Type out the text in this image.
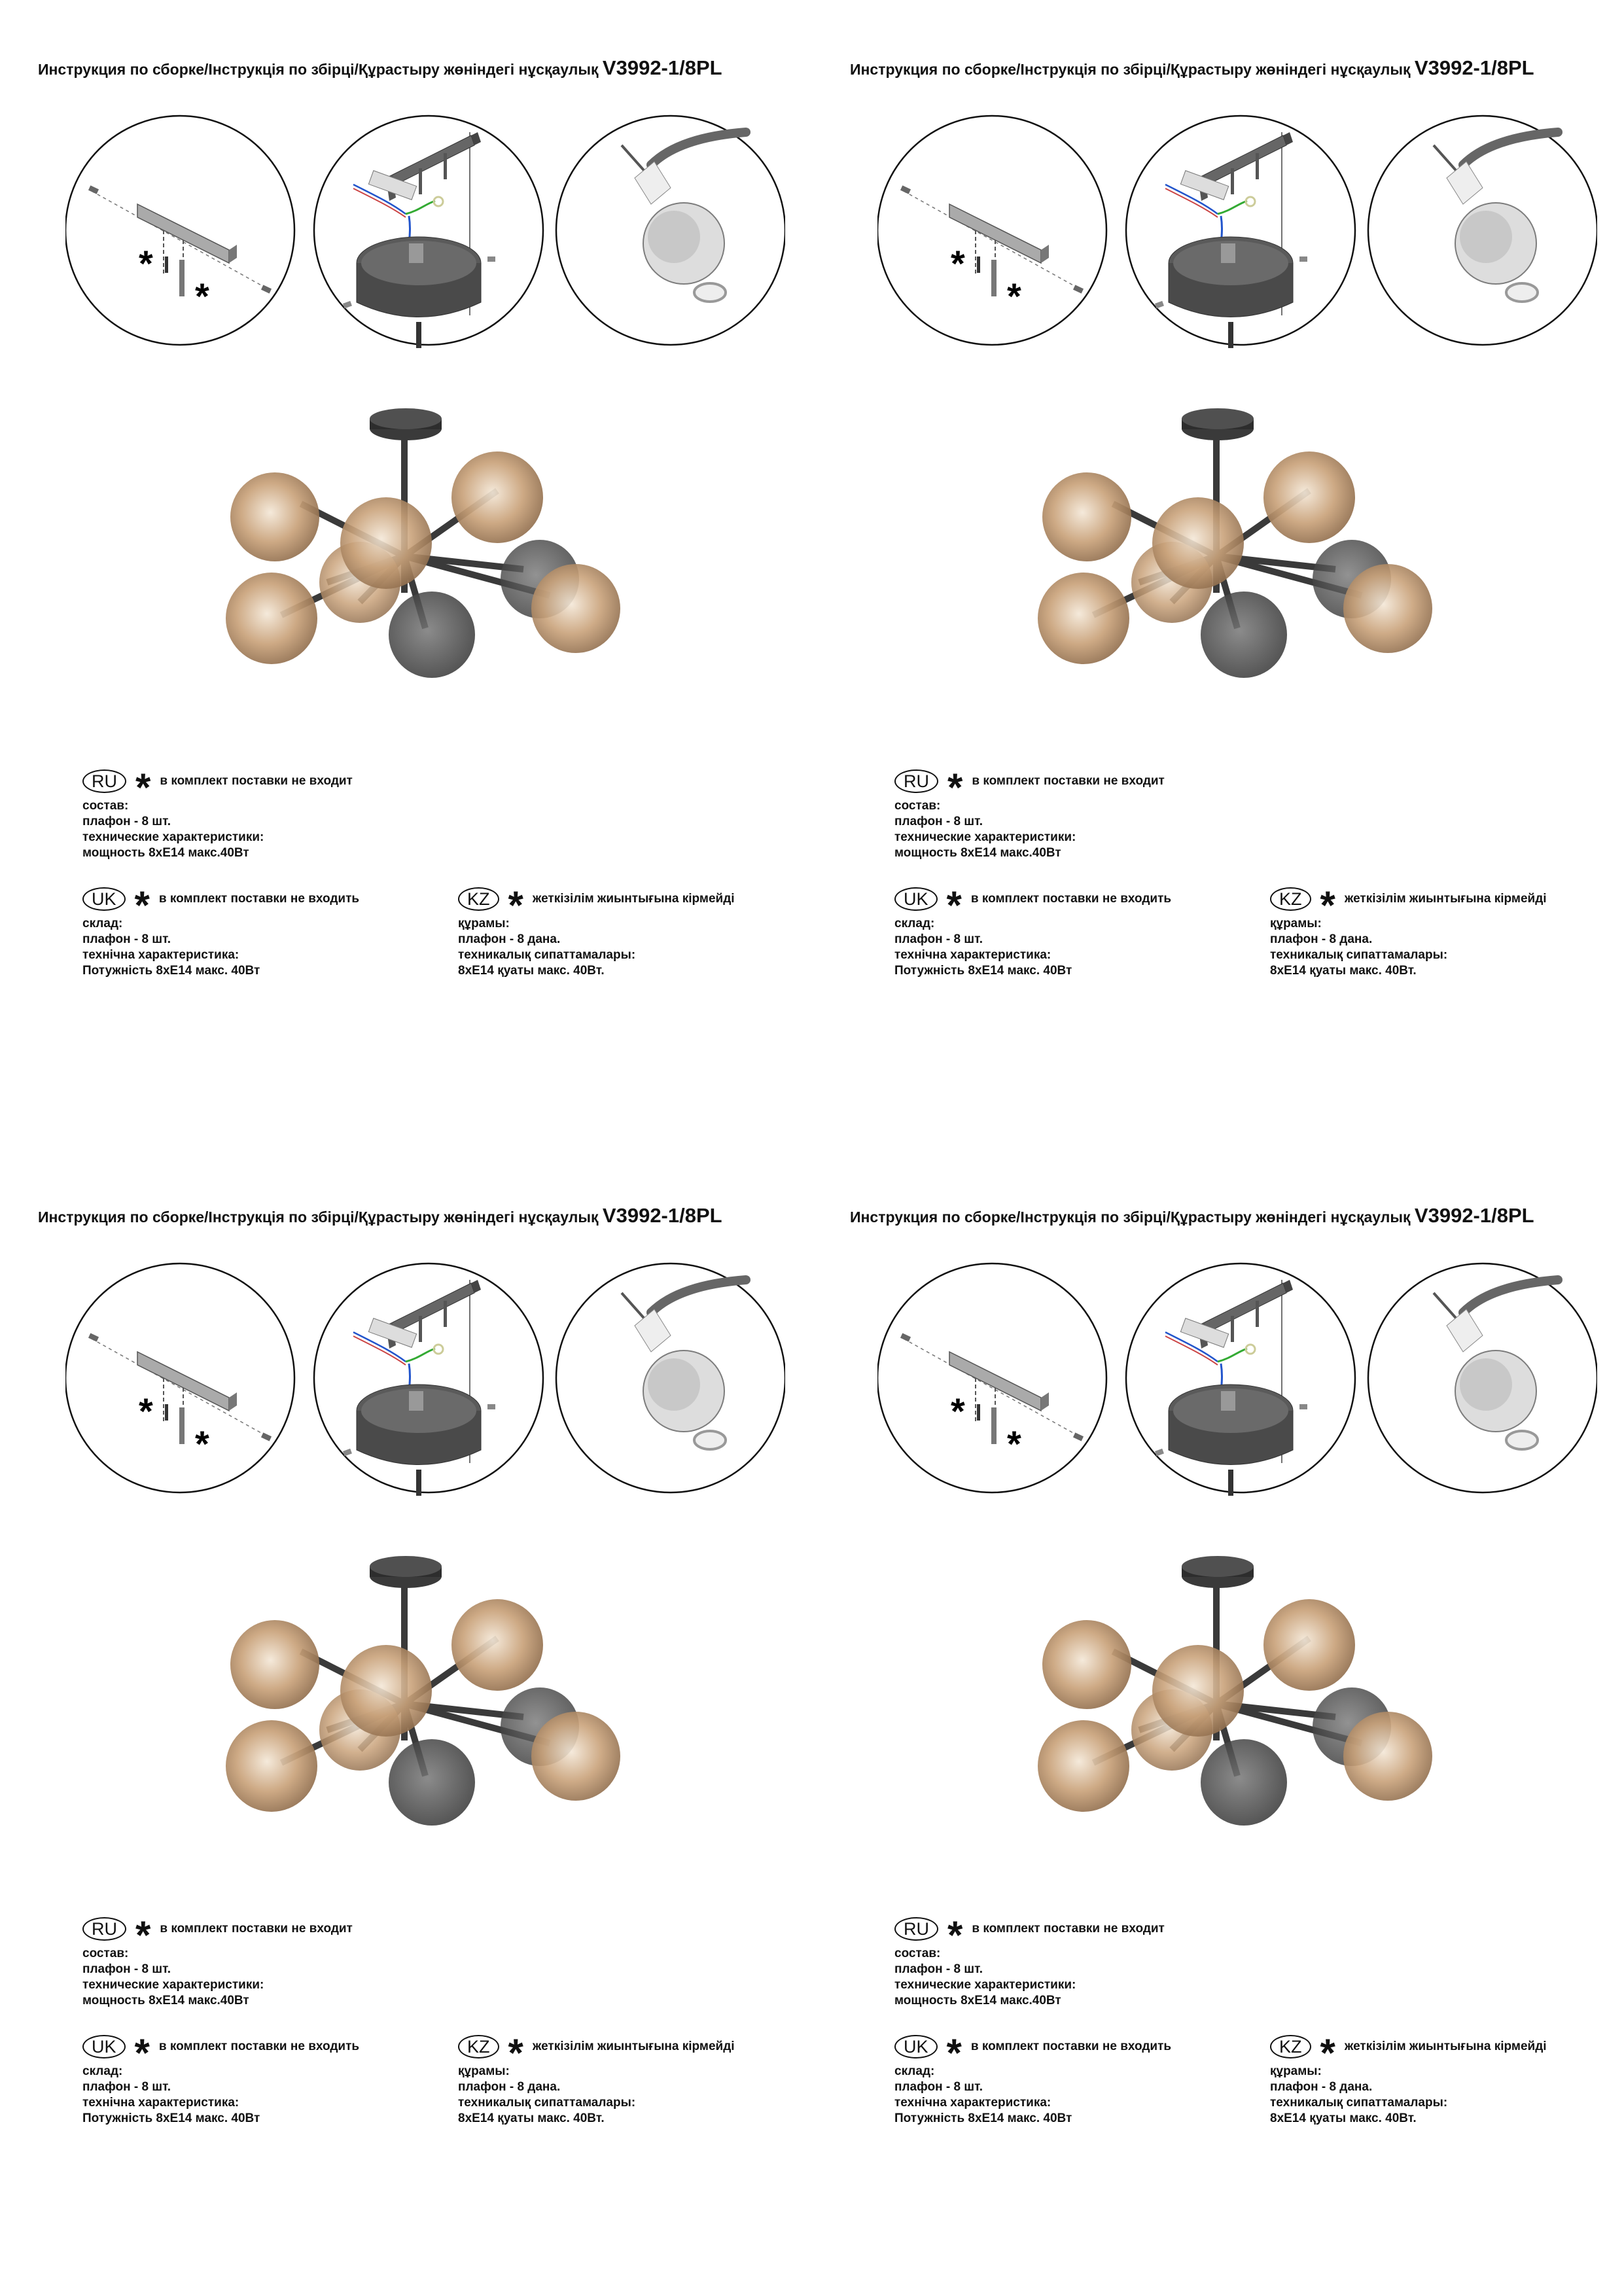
Инструкция по сборке/Інструкція по збірці/Құрастыру жөніндегі нұсқаулық V3992-1/8PL
*
*
RU * в комплект поставки не входит
состав:
плафон - 8 шт.
технические характеристики:
мощность 8хЕ14 макс.40Вт
UK * в комплект поставки не входить
склад:
плафон - 8 шт.
технічна характеристика:
Потужність 8хЕ14 макс. 40Вт
KZ * жеткізілім жиынтығына кірмейді
құрамы:
плафон - 8 дана.
техникалық сипаттамалары:
8хЕ14 қуаты макс. 40Вт.
Инструкция по сборке/Інструкція по збірці/Құрастыру жөніндегі нұсқаулық V3992-1/8PL
*
*
RU * в комплект поставки не входит
состав:
плафон - 8 шт.
технические характеристики:
мощность 8хЕ14 макс.40Вт
UK * в комплект поставки не входить
склад:
плафон - 8 шт.
технічна характеристика:
Потужність 8хЕ14 макс. 40Вт
KZ * жеткізілім жиынтығына кірмейді
құрамы:
плафон - 8 дана.
техникалық сипаттамалары:
8хЕ14 қуаты макс. 40Вт.
Инструкция по сборке/Інструкція по збірці/Құрастыру жөніндегі нұсқаулық V3992-1/8PL
*
*
RU * в комплект поставки не входит
состав:
плафон - 8 шт.
технические характеристики:
мощность 8хЕ14 макс.40Вт
UK * в комплект поставки не входить
склад:
плафон - 8 шт.
технічна характеристика:
Потужність 8хЕ14 макс. 40Вт
KZ * жеткізілім жиынтығына кірмейді
құрамы:
плафон - 8 дана.
техникалық сипаттамалары:
8хЕ14 қуаты макс. 40Вт.
Инструкция по сборке/Інструкція по збірці/Құрастыру жөніндегі нұсқаулық V3992-1/8PL
*
*
RU * в комплект поставки не входит
состав:
плафон - 8 шт.
технические характеристики:
мощность 8хЕ14 макс.40Вт
UK * в комплект поставки не входить
склад:
плафон - 8 шт.
технічна характеристика:
Потужність 8хЕ14 макс. 40Вт
KZ * жеткізілім жиынтығына кірмейді
құрамы:
плафон - 8 дана.
техникалық сипаттамалары:
8хЕ14 қуаты макс. 40Вт.
